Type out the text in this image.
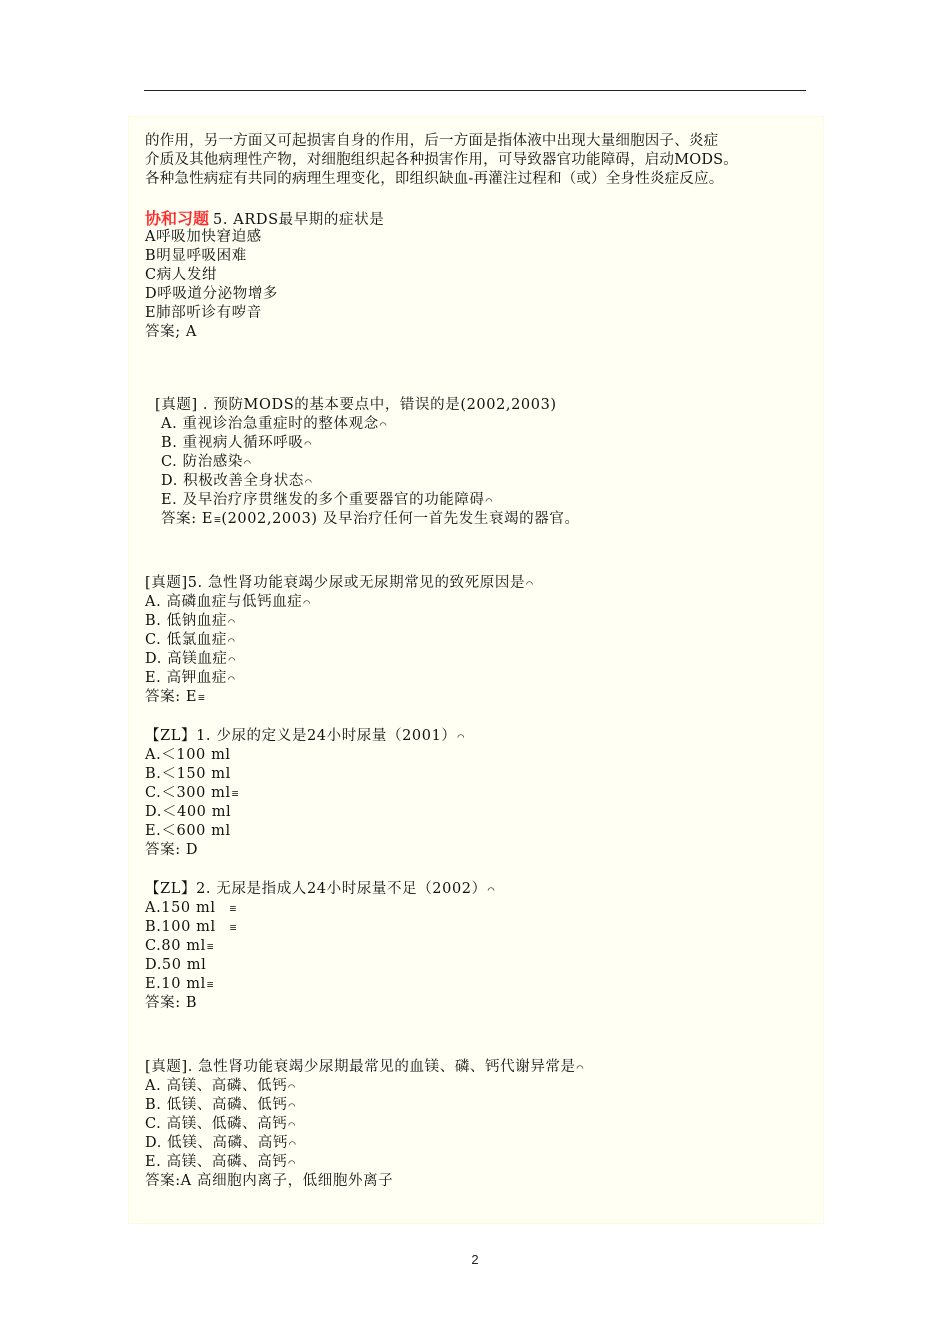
的作用，另一方面又可起损害自身的作用，后一方面是指体液中出现大量细胞因子、炎症
介质及其他病理性产物，对细胞组织起各种损害作用，可导致器官功能障碍，启动MODS。
各种急性病症有共同的病理生理变化，即组织缺血-再灌注过程和（或）全身性炎症反应。
协和习题 5. ARDS最早期的症状是
A呼吸加快窘迫感
B明显呼吸困难
C病人发绀
D呼吸道分泌物增多
E肺部听诊有哕音
答案; A
[真题] . 预防MODS的基本要点中，错误的是(2002,2003)
A. 重视诊治急重症时的整体观念⌒
B. 重视病人循环呼吸⌒
C. 防治感染⌒
D. 积极改善全身状态⌒
E. 及早治疗序贯继发的多个重要器官的功能障碍⌒
答案: E≡(2002,2003) 及早治疗任何一首先发生衰竭的器官。
[真题]5. 急性肾功能衰竭少尿或无尿期常见的致死原因是⌒
A. 高磷血症与低钙血症⌒
B. 低钠血症⌒
C. 低氯血症⌒
D. 高镁血症⌒
E. 高钾血症⌒
答案: E≡
【ZL】1. 少尿的定义是24小时尿量（2001）⌒
A.＜100 ml
B.＜150 ml
C.＜300 ml≡
D.＜400 ml
E.＜600 ml
答案: D
【ZL】2. 无尿是指成人24小时尿量不足（2002）⌒
A.150 ml ≡
B.100 ml ≡
C.80 ml≡
D.50 ml
E.10 ml≡
答案: B
[真题]. 急性肾功能衰竭少尿期最常见的血镁、磷、钙代谢异常是⌒
A. 高镁、高磷、低钙⌒
B. 低镁、高磷、低钙⌒
C. 高镁、低磷、高钙⌒
D. 低镁、高磷、高钙⌒
E. 高镁、高磷、高钙⌒
答案:A 高细胞内离子，低细胞外离子
2
